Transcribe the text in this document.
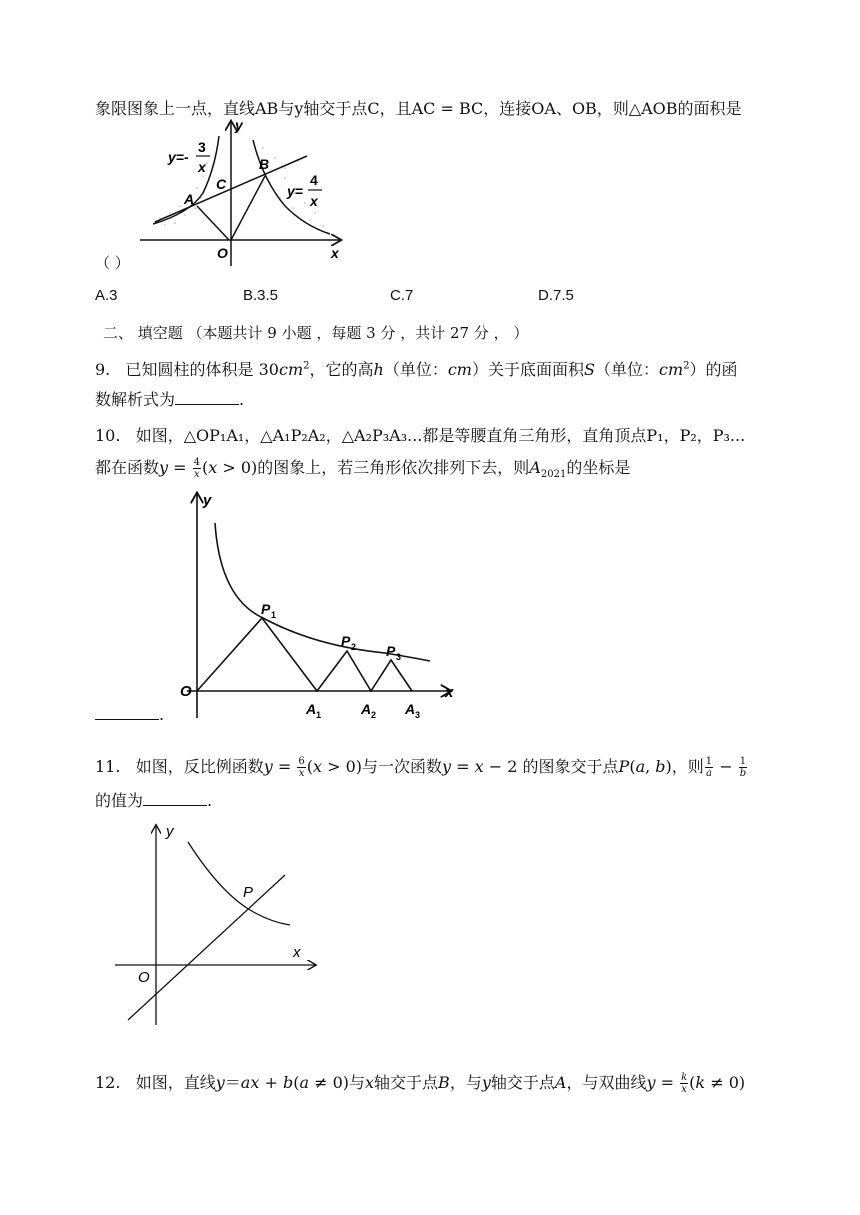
象限图象上一点，直线AB与y轴交于点C，且AC = BC，连接OA、OB，则△AOB的面积是
y
x
y=-
3
x
y=
4
x
A
B
C
O
（ ）
A.3	B.3.5	C.7	D.7.5
二、 填空题 （本题共计 9 小题 ，每题 3 分 ，共计 27 分 ， ）
9. 已知圆柱的体积是 $30cm^2$，它的高h（单位：cm）关于底面面积S（单位：$cm^2$）的函
数解析式为	.
10. 如图，△OP₁A₁，△A₁P₂A₂，△A₂P₃A₃...都是等腰直角三角形，直角顶点P₁，P₂，P₃...
都在函数$y = \frac{4}{x} (x > 0)$的图象上，若三角形依次排列下去，则$A_{2021}$的坐标是
y
x
O
P 1
P 2 P 3
A 1	A 2 A 3
.
11. 如图，反比例函数$y = \frac{6}{x} (x > 0)$与一次函数y = x − 2 的图象交于点P(a, b)，则 $\frac{1}{a} - \frac{1}{b}$
的值为	.
y
x
O
P
12. 如图，直线y＝ax + b(a ≠ 0)与x轴交于点B，与y轴交于点A，与双曲线$y = \frac{k}{x} (k \ne 0)$
